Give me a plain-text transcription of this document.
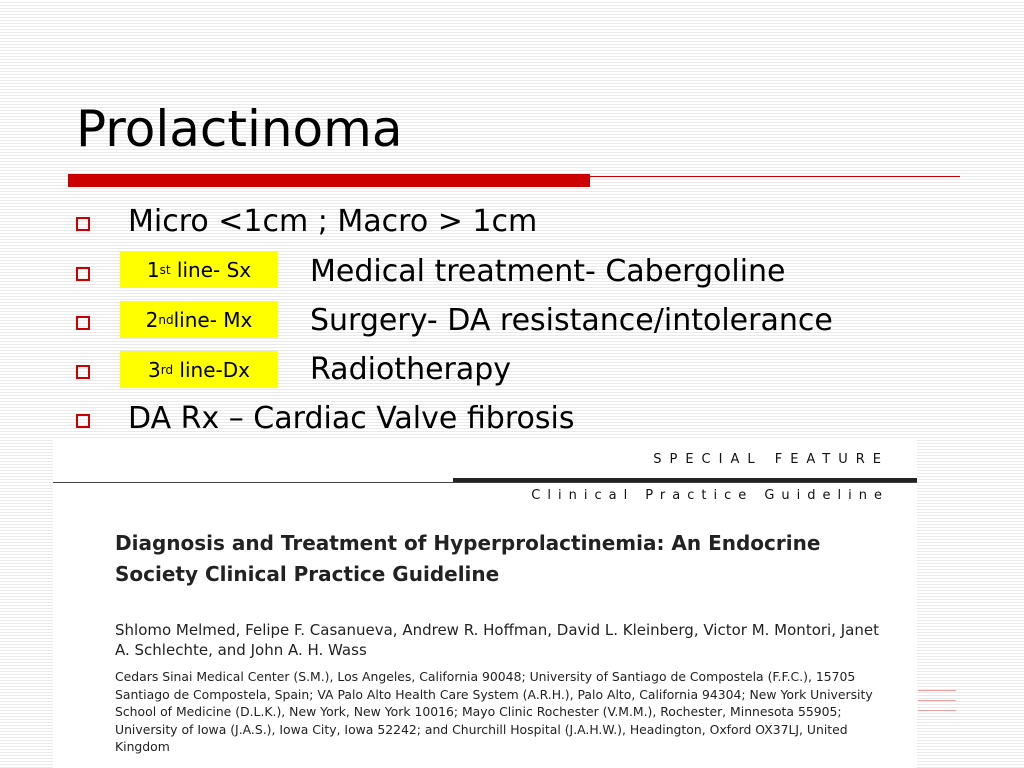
Prolactinoma
Micro <1cm ; Macro > 1cm
1 st line- Sx Medical treatment- Cabergoline
2 nd line- Mx Surgery- DA resistance/intolerance
3 rd line-Dx Radiotherapy
DA Rx – Cardiac Valve fibrosis
SPECIAL FEATURE
Clinical Practice Guideline
Diagnosis and Treatment of Hyperprolactinemia: An Endocrine Society Clinical Practice Guideline

Shlomo Melmed, Felipe F. Casanueva, Andrew R. Hoffman, David L. Kleinberg, Victor M. Montori, Janet A. Schlechte, and John A. H. Wass

Cedars Sinai Medical Center (S.M.), Los Angeles, California 90048; University of Santiago de Compostela (F.F.C.), 15705 Santiago de Compostela, Spain; VA Palo Alto Health Care System (A.R.H.), Palo Alto, California 94304; New York University School of Medicine (D.L.K.), New York, New York 10016; Mayo Clinic Rochester (V.M.M.), Rochester, Minnesota 55905; University of Iowa (J.A.S.), Iowa City, Iowa 52242; and Churchill Hospital (J.A.H.W.), Headington, Oxford OX37LJ, United Kingdom
